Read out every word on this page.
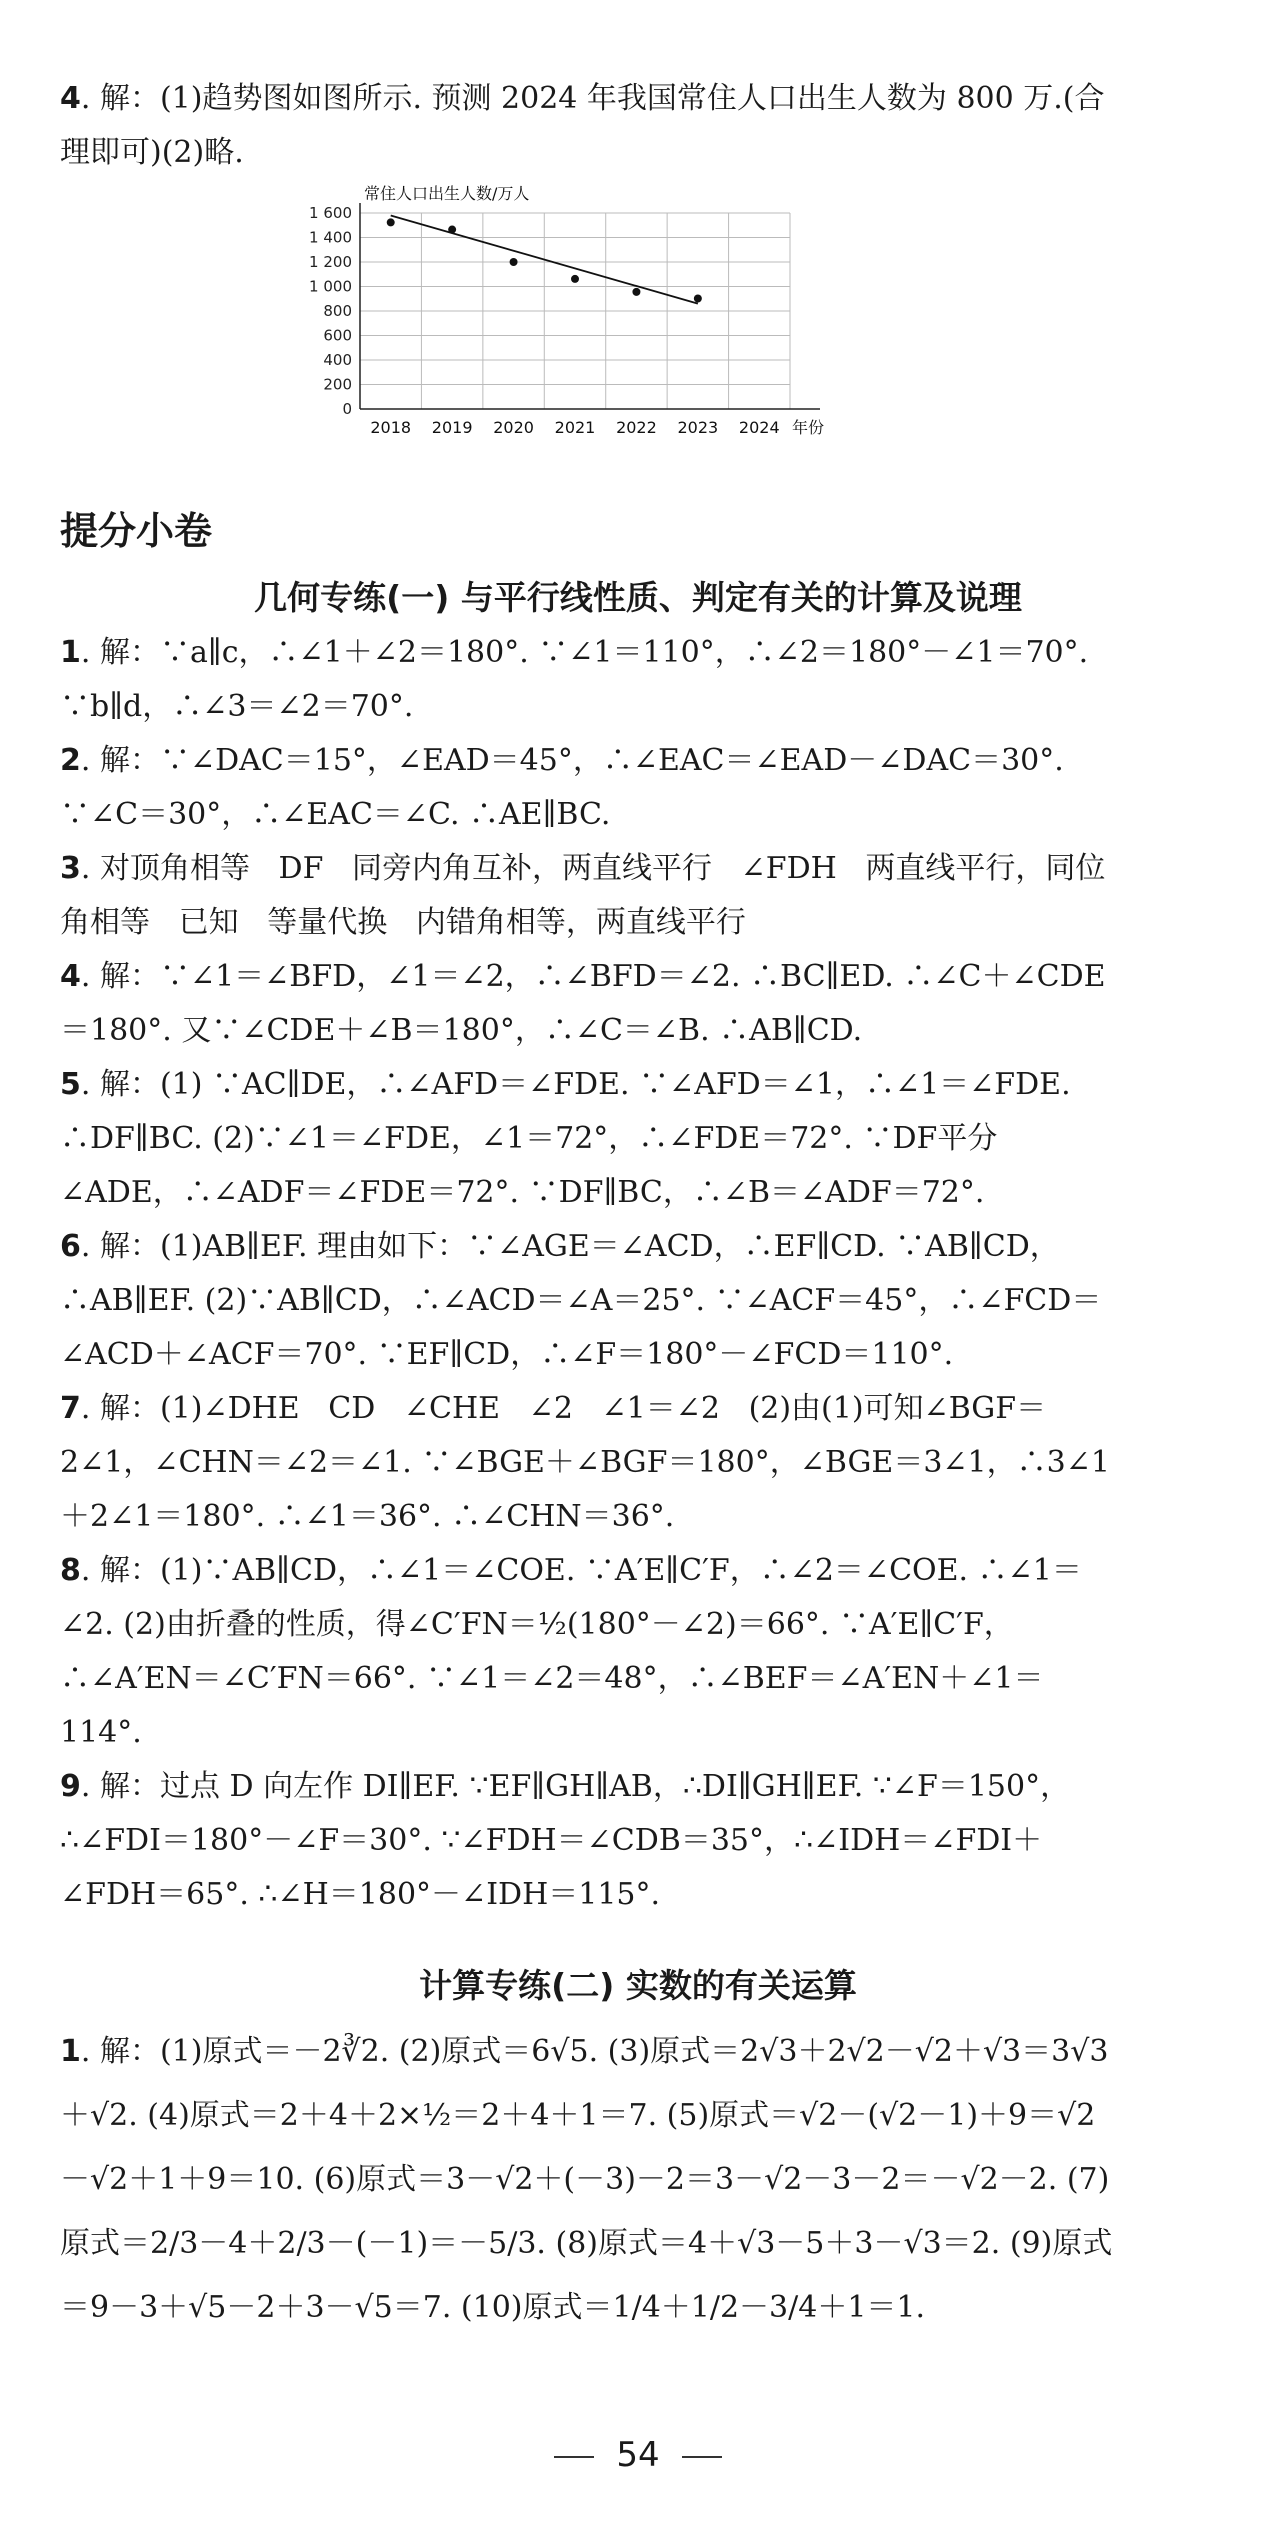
4. 解：(1)趋势图如图所示. 预测 2024 年我国常住人口出生人数为 800 万.(合理即可)(2)略.
0
200
400
600
800
1 000
1 200
1 400
1 600
常住人口出生人数/万人
2018 2019 2020 2021 2022 2023 2024 年份
提分小卷
几何专练(一) 与平行线性质、判定有关的计算及说理
1. 解：∵a∥c，∴∠1＋∠2＝180°. ∵∠1＝110°，∴∠2＝180°－∠1＝70°. ∵b∥d，∴∠3＝∠2＝70°.
2. 解：∵∠DAC＝15°，∠EAD＝45°，∴∠EAC＝∠EAD－∠DAC＝30°. ∵∠C＝30°，∴∠EAC＝∠C. ∴AE∥BC.
3. 对顶角相等   DF   同旁内角互补，两直线平行   ∠FDH   两直线平行，同位角相等   已知   等量代换   内错角相等，两直线平行
4. 解：∵∠1＝∠BFD，∠1＝∠2，∴∠BFD＝∠2. ∴BC∥ED. ∴∠C＋∠CDE＝180°. 又∵∠CDE＋∠B＝180°，∴∠C＝∠B. ∴AB∥CD.
5. 解：(1) ∵AC∥DE，∴∠AFD＝∠FDE. ∵∠AFD＝∠1，∴∠1＝∠FDE. ∴DF∥BC. (2)∵∠1＝∠FDE，∠1＝72°，∴∠FDE＝72°. ∵DF平分∠ADE，∴∠ADF＝∠FDE＝72°. ∵DF∥BC，∴∠B＝∠ADF＝72°.
6. 解：(1)AB∥EF. 理由如下：∵∠AGE＝∠ACD，∴EF∥CD. ∵AB∥CD，∴AB∥EF. (2)∵AB∥CD，∴∠ACD＝∠A＝25°. ∵∠ACF＝45°，∴∠FCD＝∠ACD＋∠ACF＝70°. ∵EF∥CD，∴∠F＝180°－∠FCD＝110°.
7. 解：(1)∠DHE   CD   ∠CHE   ∠2   ∠1＝∠2   (2)由(1)可知∠BGF＝2∠1，∠CHN＝∠2＝∠1. ∵∠BGE＋∠BGF＝180°，∠BGE＝3∠1，∴3∠1＋2∠1＝180°. ∴∠1＝36°. ∴∠CHN＝36°.
8. 解：(1)∵AB∥CD，∴∠1＝∠COE. ∵A′E∥C′F，∴∠2＝∠COE. ∴∠1＝∠2. (2)由折叠的性质，得∠C′FN＝½(180°－∠2)＝66°. ∵A′E∥C′F，∴∠A′EN＝∠C′FN＝66°. ∵∠1＝∠2＝48°，∴∠BEF＝∠A′EN＋∠1＝114°.
9. 解：过点 D 向左作 DI∥EF. ∵EF∥GH∥AB，∴DI∥GH∥EF. ∵∠F＝150°，∴∠FDI＝180°－∠F＝30°. ∵∠FDH＝∠CDB＝35°，∴∠IDH＝∠FDI＋∠FDH＝65°. ∴∠H＝180°－∠IDH＝115°.
计算专练(二) 实数的有关运算
1. 解：(1)原式＝－2∛2. (2)原式＝6√5. (3)原式＝2√3＋2√2－√2＋√3＝3√3＋√2. (4)原式＝2＋4＋2×½＝2＋4＋1＝7. (5)原式＝√2－(√2－1)＋9＝√2－√2＋1＋9＝10. (6)原式＝3－√2＋(－3)－2＝3－√2－3－2＝－√2－2. (7)原式＝2/3－4＋2/3－(－1)＝－5/3. (8)原式＝4＋√3－5＋3－√3＝2. (9)原式＝9－3＋√5－2＋3－√5＝7. (10)原式＝1/4＋1/2－3/4＋1＝1.
54
